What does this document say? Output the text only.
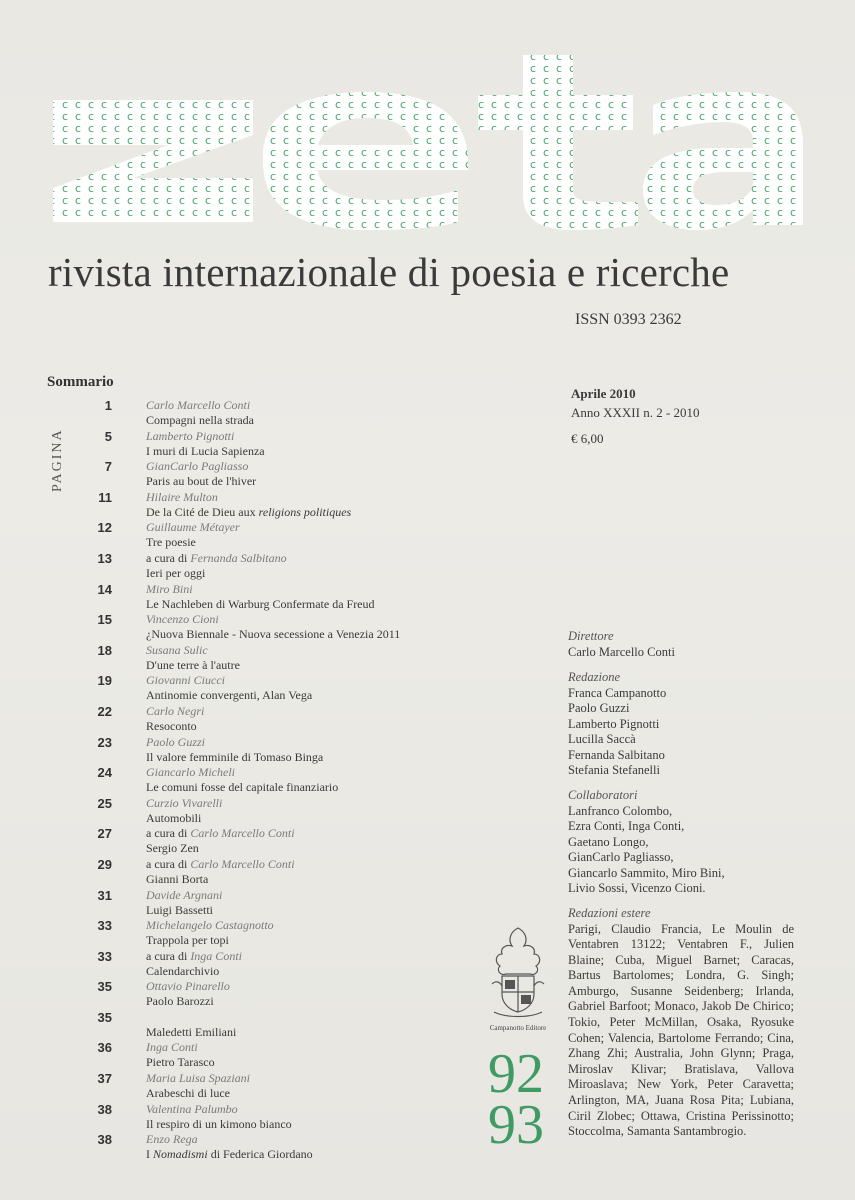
zeta
rivista internazionale di poesia e ricerche
ISSN 0393 2362
Sommario
PAGINA
1	Carlo Marcello Conti
Compagni nella strada
5	Lamberto Pignotti
I muri di Lucia Sapienza
7	GianCarlo Pagliasso
Paris au bout de l'hiver
11	Hilaire Multon
De la Cité de Dieu aux religions politiques
12	Guillaume Métayer
Tre poesie
13	a cura di Fernanda Salbitano
Ieri per oggi
14	Miro Bini
Le Nachleben di Warburg Confermate da Freud
15	Vincenzo Cioni
¿Nuova Biennale - Nuova secessione a Venezia 2011
18	Susana Sulic
D'une terre à l'autre
19	Giovanni Ciucci
Antinomie convergenti, Alan Vega
22	Carlo Negri
Resoconto
23	Paolo Guzzi
Il valore femminile di Tomaso Binga
24	Giancarlo Micheli
Le comuni fosse del capitale finanziario
25	Curzio Vivarelli
Automobili
27	a cura di Carlo Marcello Conti
Sergio Zen
29	a cura di Carlo Marcello Conti
Gianni Borta
31	Davide Argnani
Luigi Bassetti
33	Michelangelo Castagnotto
Trappola per topi
33	a cura di Inga Conti
Calendarchivio
35	Ottavio Pinarello
Paolo Barozzi
35
Maledetti Emiliani
36	Inga Conti
Pietro Tarasco
37	Maria Luisa Spaziani
Arabeschi di luce
38	Valentina Palumbo
Il respiro di un kimono bianco
38	Enzo Rega
I Nomadismi di Federica Giordano
Aprile 2010
Anno XXXII n. 2 - 2010
€ 6,00
Direttore
Carlo Marcello Conti
Redazione
Franca Campanotto
Paolo Guzzi
Lamberto Pignotti
Lucilla Saccà
Fernanda Salbitano
Stefania Stefanelli
Collaboratori
Lanfranco Colombo,
Ezra Conti, Inga Conti,
Gaetano Longo,
GianCarlo Pagliasso,
Giancarlo Sammito, Miro Bini,
Livio Sossi, Vicenzo Cioni.
Redazioni estere
Parigi, Claudio Francia, Le Moulin de Ventabren 13122; Ventabren F., Julien Blaine; Cuba, Miguel Barnet; Caracas, Bartus Bartolomes; Londra, G. Singh; Amburgo, Susanne Seidenberg; Irlanda, Gabriel Barfoot; Monaco, Jakob De Chirico; Tokio, Peter McMillan, Osaka, Ryosuke Cohen; Valencia, Bartolome Ferrando; Cina, Zhang Zhi; Australia, John Glynn; Praga, Miroslav Klivar; Bratislava, Vallova Miroaslava; New York, Peter Caravetta; Arlington, MA, Juana Rosa Pita; Lubiana, Ciril Zlobec; Ottawa, Cristina Perissinotto; Stoccolma, Samanta Santambrogio.
Campanotto Editore
92
93
